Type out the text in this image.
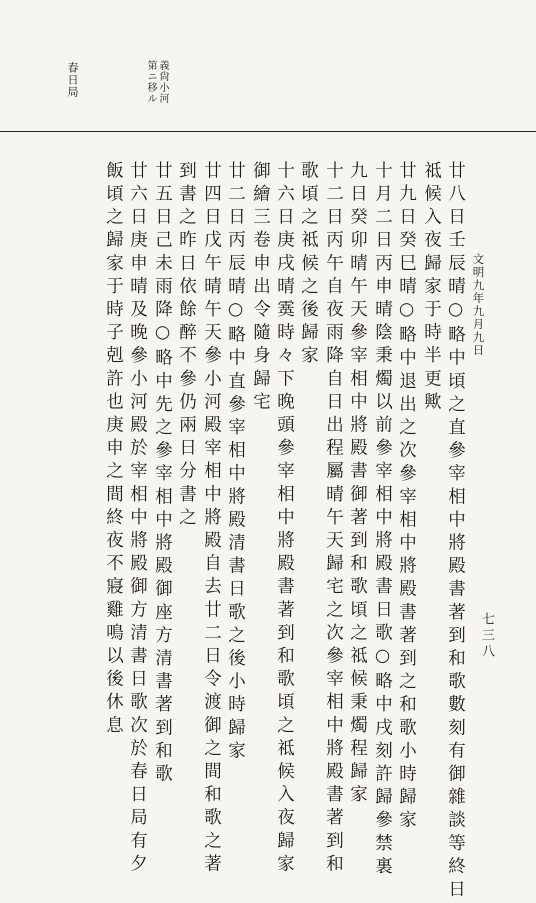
文明九年九月九日
七三八
春日局	義尙小河
第ニ移ル
廿八日壬辰晴○略中頃之直參宰相中將殿書著到和歌數刻有御雜談等終日
祗候入夜歸家于時半更歟
廿九日癸巳晴○略中退出之次參宰相中將殿書著到之和歌小時歸家
十月二日丙申晴陰秉燭以前參宰相中將殿書日歌○略中戌刻許歸參禁裏
九日癸卯晴午天參宰相中將殿書御著到和歌頃之祗候秉燭程歸家
十二日丙午自夜雨降自日出程屬晴午天歸宅之次參宰相中將殿書著到和
歌頃之祗候之後歸家
十六日庚戌晴霙時々下晚頭參宰相中將殿書著到和歌頃之祗候入夜歸家
御繪三卷申出令隨身歸宅
廿二日丙辰晴○略中直參宰相中將殿清書日歌之後小時歸家
廿四日戊午晴午天參小河殿宰相中將殿自去廿二日令渡御之間和歌之著
到書之昨日依餘醉不參仍兩日分書之
廿五日己未雨降○略中先之參宰相中將殿御座方清書著到和歌
廿六日庚申晴及晚參小河殿於宰相中將殿御方清書日歌次於春日局有夕
飯頃之歸家于時子剋許也庚申之間終夜不寢雞鳴以後休息
